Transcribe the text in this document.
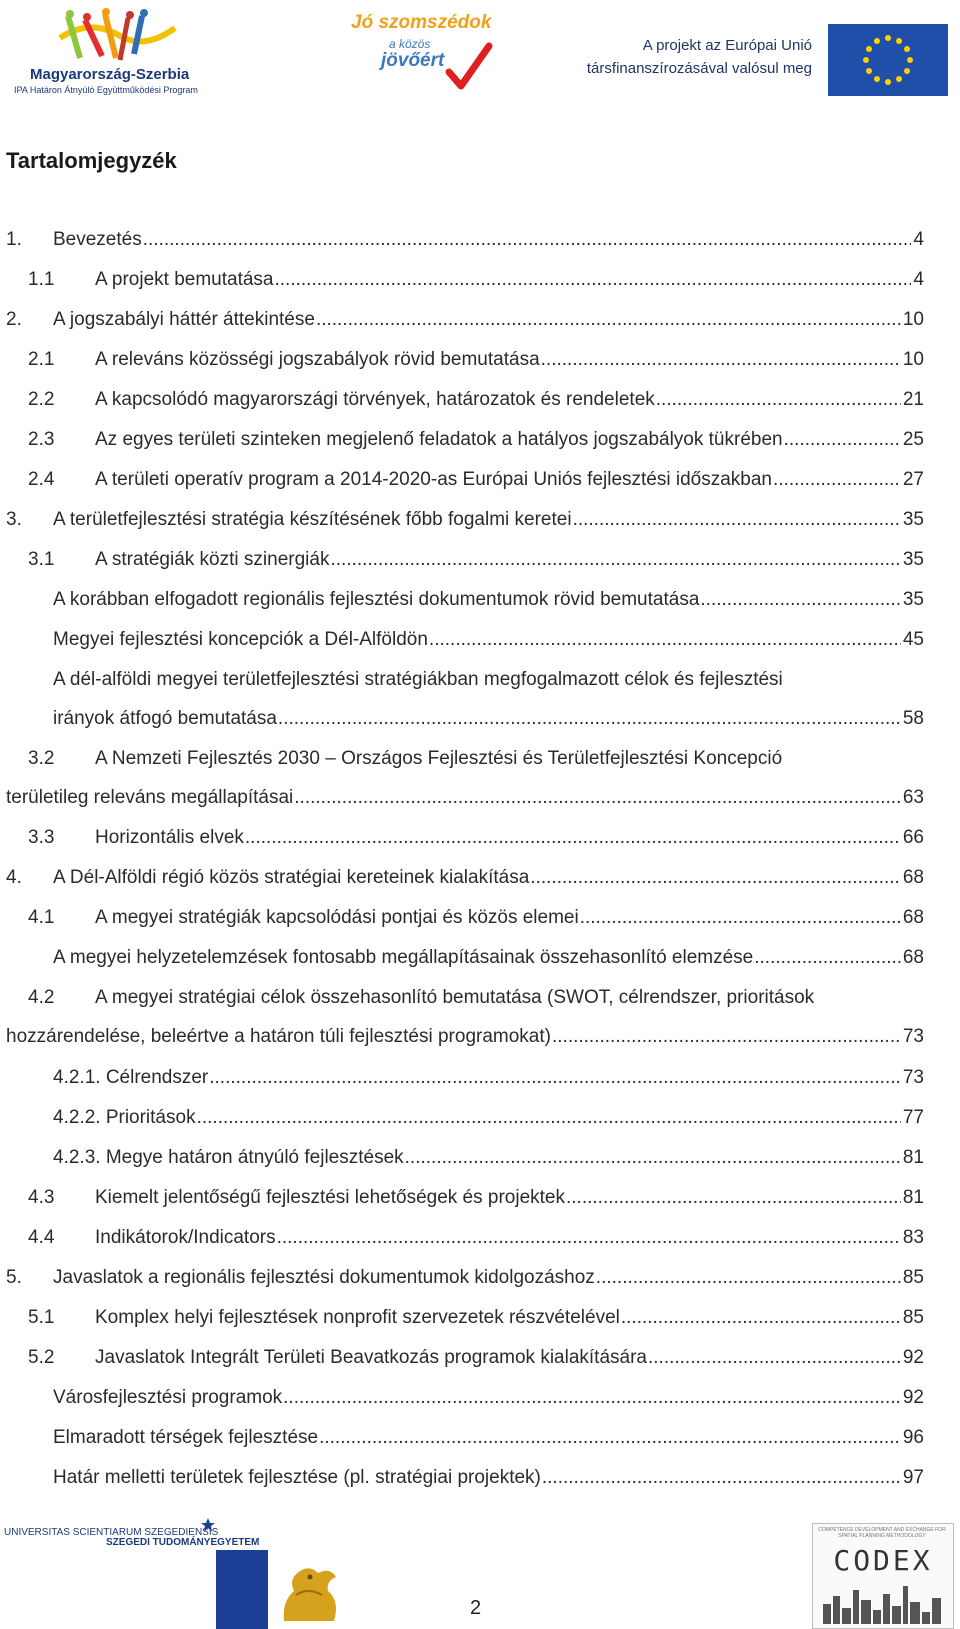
Magyarország-Szerbia
IPA Határon Átnyúló Együttműködési Program
Jó szomszédok
a közös
jövőért
A projekt az Európai Unió
társfinanszírozásával valósul meg
Tartalomjegyzék
1.	Bevezetés .....	4
1.1	A projekt bemutatása .....	4
2.	A jogszabályi háttér áttekintése .....	10
2.1	A releváns közösségi jogszabályok rövid bemutatása .....	10
2.2	A kapcsolódó magyarországi törvények, határozatok és rendeletek .....	21
2.3	Az egyes területi szinteken megjelenő feladatok a hatályos jogszabályok tükrében .....	25
2.4	A területi operatív program a 2014-2020-as Európai Uniós fejlesztési időszakban .....	27
3.	A területfejlesztési stratégia készítésének főbb fogalmi keretei .....	35
3.1	A stratégiák közti szinergiák .....	35
A korábban elfogadott regionális fejlesztési dokumentumok rövid bemutatása .....	35
Megyei fejlesztési koncepciók a Dél-Alföldön .....	45
A dél-alföldi megyei területfejlesztési stratégiákban megfogalmazott célok és fejlesztési
irányok átfogó bemutatása .....	58
3.2	A Nemzeti Fejlesztés 2030 – Országos Fejlesztési és Területfejlesztési Koncepció
területileg releváns megállapításai .....	63
3.3	Horizontális elvek .....	66
4.	A Dél-Alföldi régió közös stratégiai kereteinek kialakítása .....	68
4.1	A megyei stratégiák kapcsolódási pontjai és közös elemei .....	68
A megyei helyzetelemzések fontosabb megállapításainak összehasonlító elemzése .....	68
4.2	A megyei stratégiai célok összehasonlító bemutatása (SWOT, célrendszer, prioritások
hozzárendelése, beleértve a határon túli fejlesztési programokat) .....	73
4.2.1. Célrendszer .....	73
4.2.2. Prioritások .....	77
4.2.3. Megye határon átnyúló fejlesztések .....	81
4.3	Kiemelt jelentőségű fejlesztési lehetőségek és projektek .....	81
4.4	Indikátorok/Indicators .....	83
5.	Javaslatok a regionális fejlesztési dokumentumok kidolgozáshoz .....	85
5.1	Komplex helyi fejlesztések nonprofit szervezetek részvételével .....	85
5.2	Javaslatok Integrált Területi Beavatkozás programok kialakítására .....	92
Városfejlesztési programok .....	92
Elmaradott térségek fejlesztése .....	96
Határ melletti területek fejlesztése (pl. stratégiai projektek) .....	97
UNIVERSITAS SCIENTIARUM SZEGEDIENSIS
SZEGEDI TUDOMÁNYEGYETEM
2
COMPETENCE DEVELOPMENT AND EXCHANGE FOR SPATIAL PLANNING METHODOLOGY
CODEX
